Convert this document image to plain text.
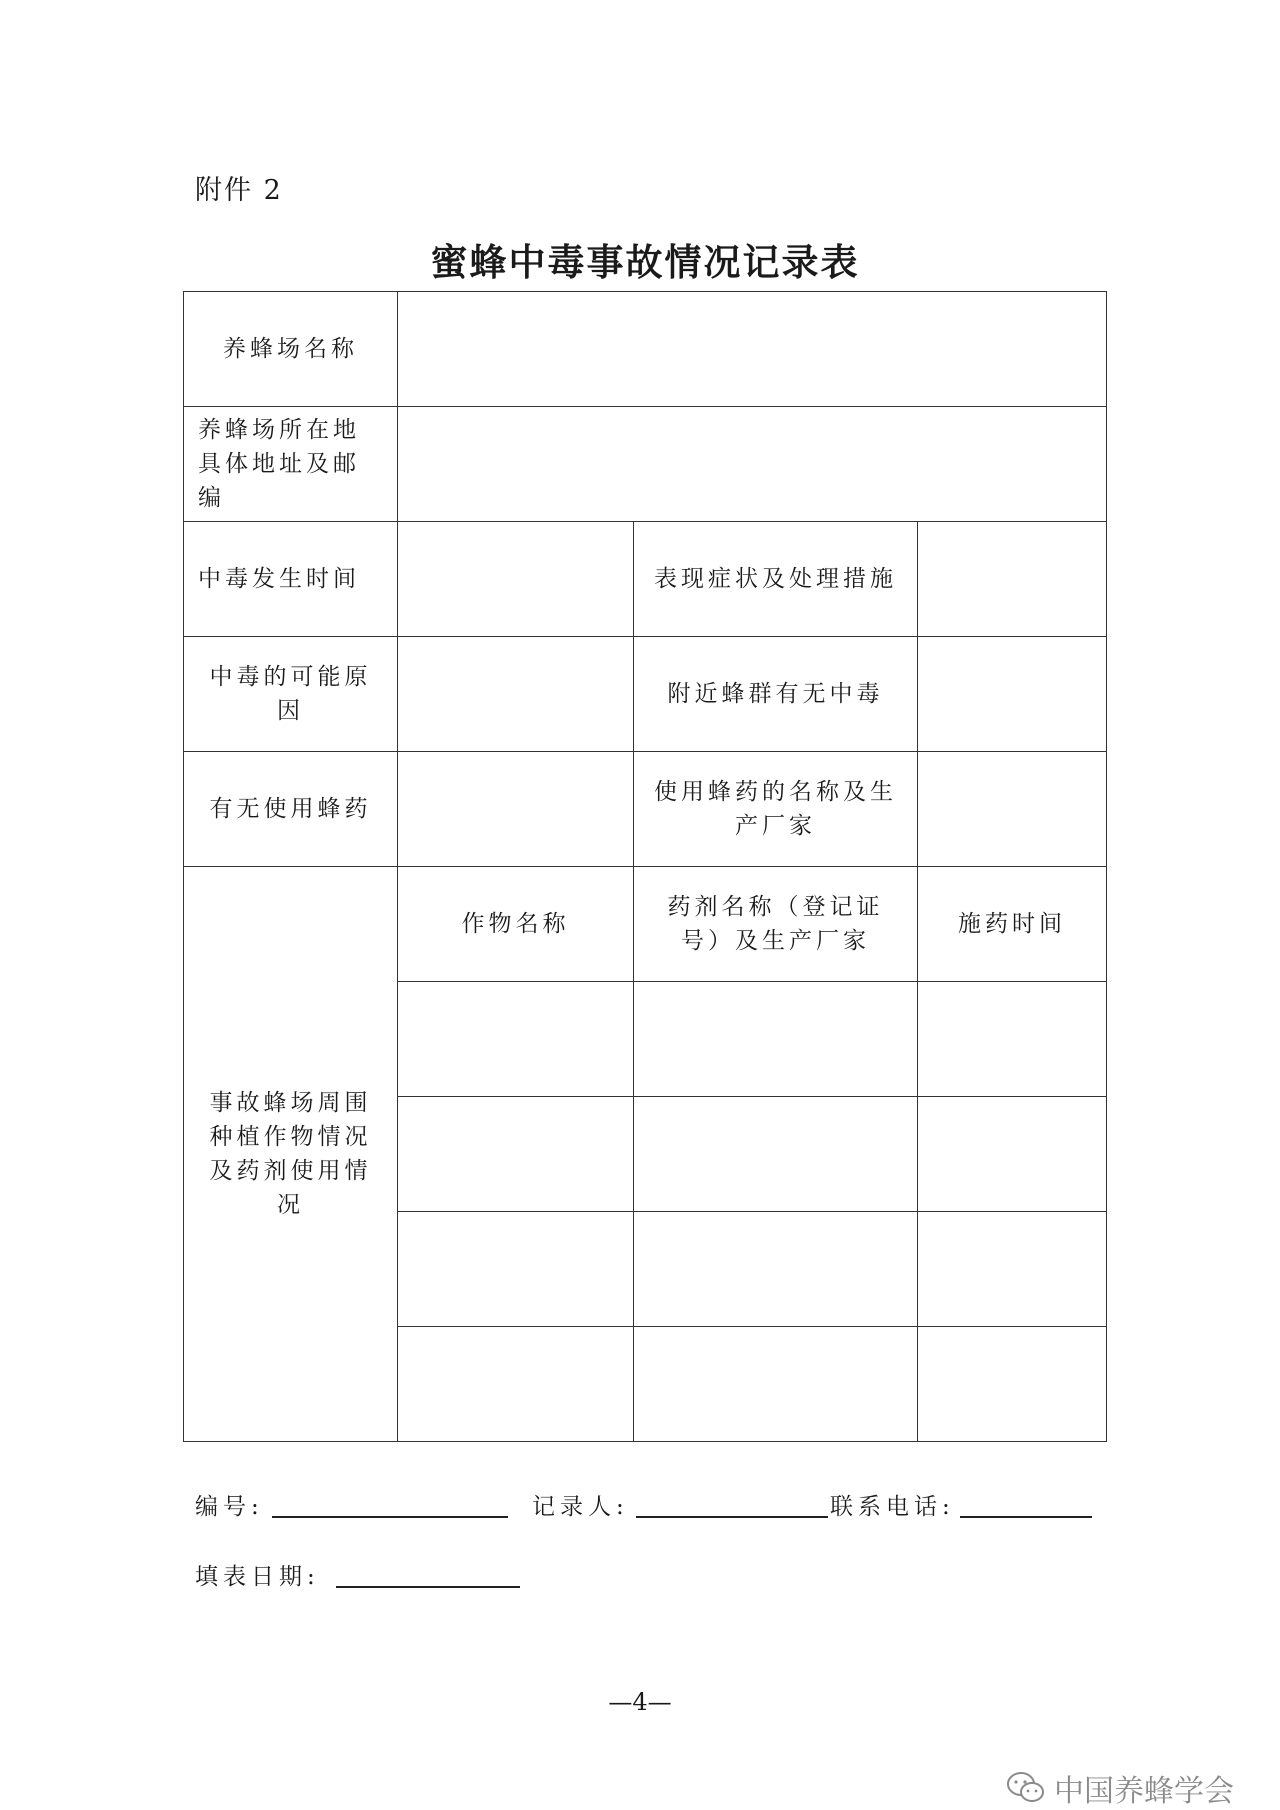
附件 2
蜜蜂中毒事故情况记录表
养蜂场名称			
养蜂场所在地具体地址及邮编			
中毒发生时间		表现症状及处理措施	
中毒的可能原因		附近蜂群有无中毒	
有无使用蜂药		使用蜂药的名称及生产厂家	
事故蜂场周围种植作物情况及药剂使用情况	作物名称	药剂名称（登记证号）及生产厂家	施药时间

编号:	记录人:	联系电话:
填表日期:
—4—
中国养蜂学会
